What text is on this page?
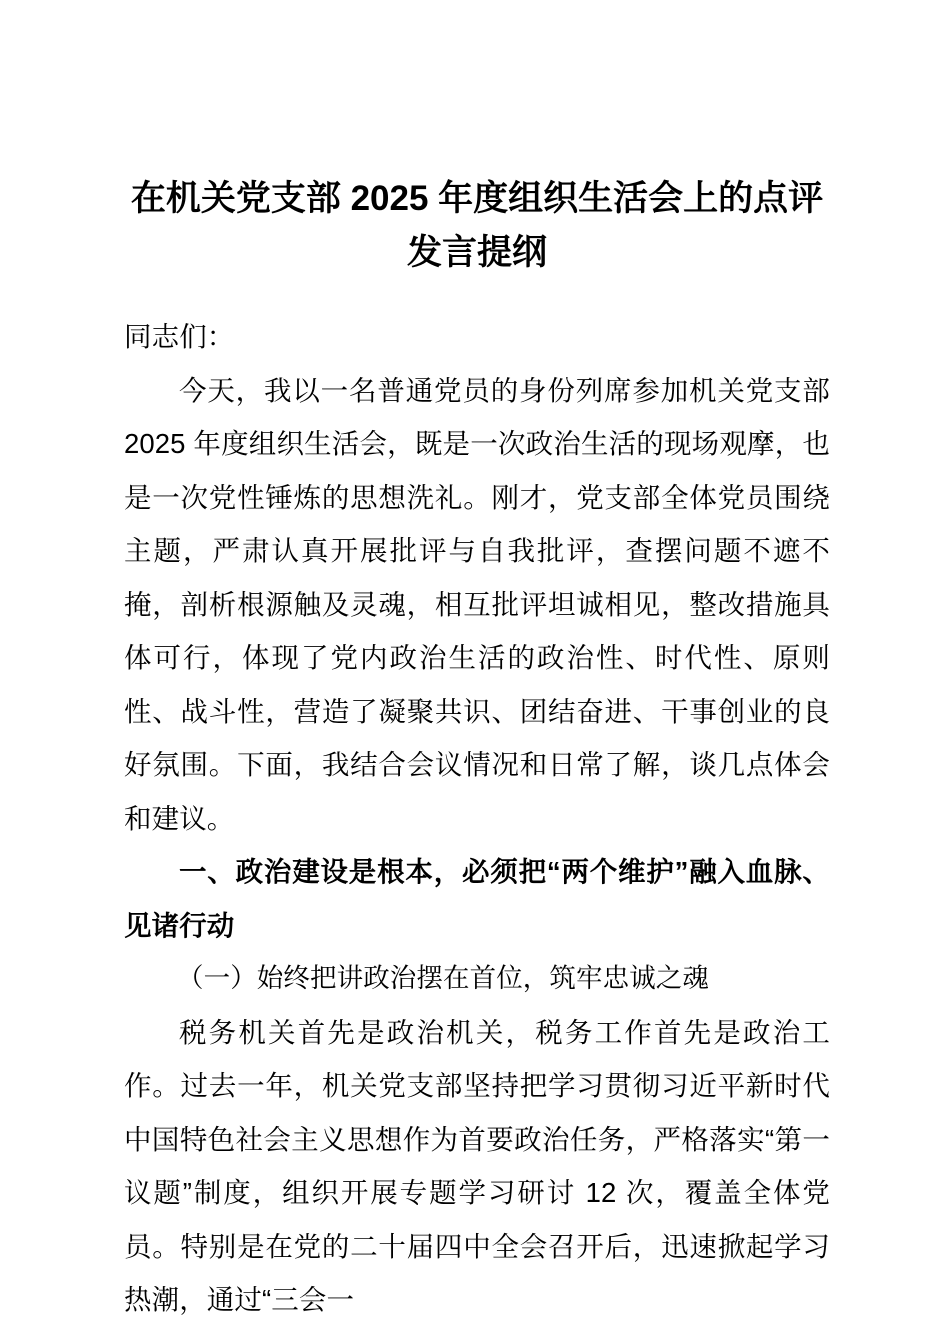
在机关党支部 2025 年度组织生活会上的点评发言提纲

同志们：

今天，我以一名普通党员的身份列席参加机关党支部 2025 年度组织生活会，既是一次政治生活的现场观摩，也是一次党性锤炼的思想洗礼。刚才，党支部全体党员围绕主题，严肃认真开展批评与自我批评，查摆问题不遮不掩，剖析根源触及灵魂，相互批评坦诚相见，整改措施具体可行，体现了党内政治生活的政治性、时代性、原则性、战斗性，营造了凝聚共识、团结奋进、干事创业的良好氛围。下面，我结合会议情况和日常了解，谈几点体会和建议。

一、政治建设是根本，必须把“两个维护”融入血脉、见诸行动

（一）始终把讲政治摆在首位，筑牢忠诚之魂

税务机关首先是政治机关，税务工作首先是政治工作。过去一年，机关党支部坚持把学习贯彻习近平新时代中国特色社会主义思想作为首要政治任务，严格落实“第一议题”制度，组织开展专题学习研讨 12 次，覆盖全体党员。特别是在党的二十届四中全会召开后，迅速掀起学习热潮，通过“三会一
